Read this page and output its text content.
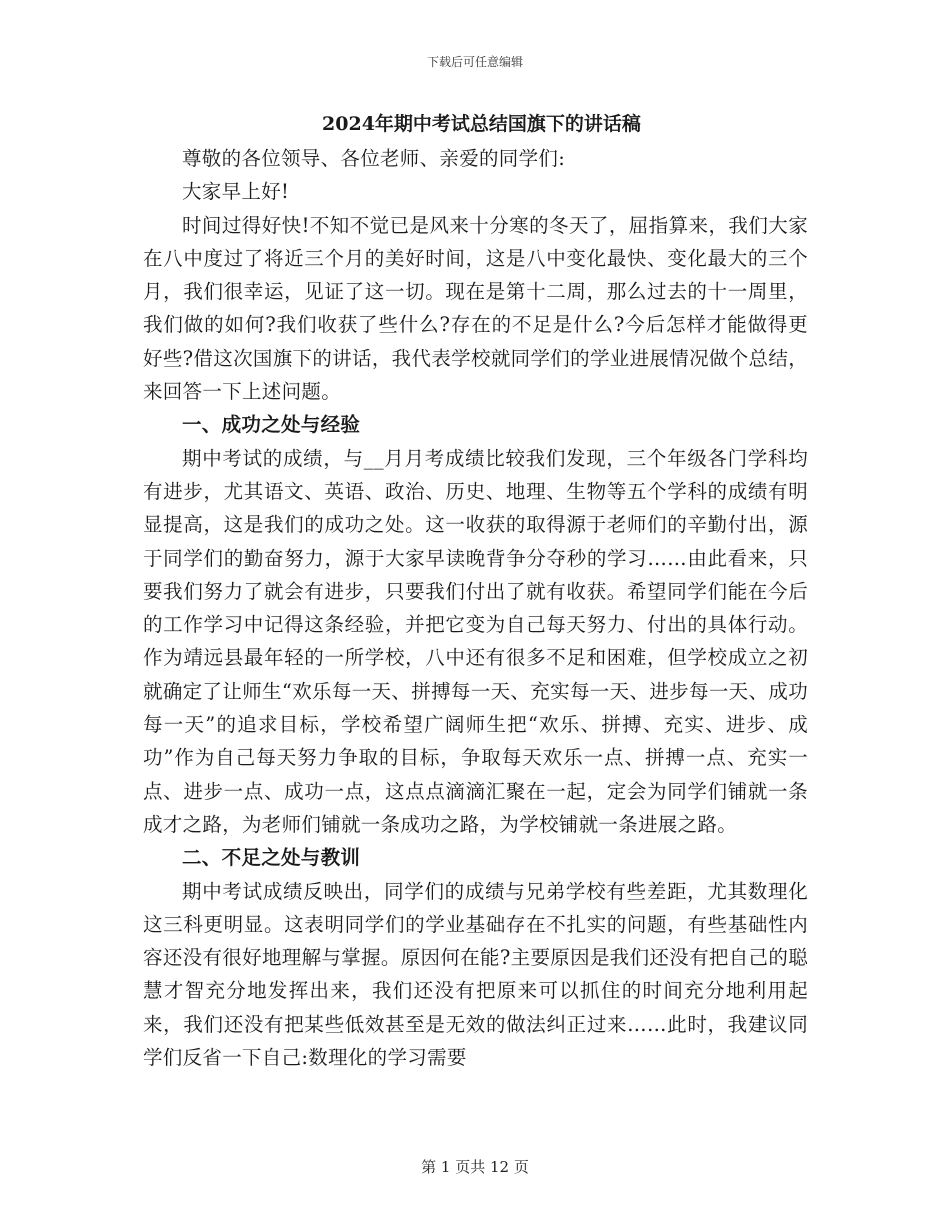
下载后可任意编辑
2024年期中考试总结国旗下的讲话稿

尊敬的各位领导、各位老师、亲爱的同学们:

大家早上好!

时间过得好快!不知不觉已是风来十分寒的冬天了，屈指算来，我们大家在八中度过了将近三个月的美好时间，这是八中变化最快、变化最大的三个月，我们很幸运，见证了这一切。现在是第十二周，那么过去的十一周里，我们做的如何?我们收获了些什么?存在的不足是什么?今后怎样才能做得更好些?借这次国旗下的讲话，我代表学校就同学们的学业进展情况做个总结，来回答一下上述问题。

一、成功之处与经验

期中考试的成绩，与__月月考成绩比较我们发现，三个年级各门学科均有进步，尤其语文、英语、政治、历史、地理、生物等五个学科的成绩有明显提高，这是我们的成功之处。这一收获的取得源于老师们的辛勤付出，源于同学们的勤奋努力，源于大家早读晚背争分夺秒的学习……由此看来，只要我们努力了就会有进步，只要我们付出了就有收获。希望同学们能在今后的工作学习中记得这条经验，并把它变为自己每天努力、付出的具体行动。作为靖远县最年轻的一所学校，八中还有很多不足和困难，但学校成立之初就确定了让师生“欢乐每一天、拼搏每一天、充实每一天、进步每一天、成功每一天”的追求目标，学校希望广阔师生把“欢乐、拼搏、充实、进步、成功”作为自己每天努力争取的目标，争取每天欢乐一点、拼搏一点、充实一点、进步一点、成功一点，这点点滴滴汇聚在一起，定会为同学们铺就一条成才之路，为老师们铺就一条成功之路，为学校铺就一条进展之路。

二、不足之处与教训

期中考试成绩反映出，同学们的成绩与兄弟学校有些差距，尤其数理化这三科更明显。这表明同学们的学业基础存在不扎实的问题，有些基础性内容还没有很好地理解与掌握。原因何在能?主要原因是我们还没有把自己的聪慧才智充分地发挥出来，我们还没有把原来可以抓住的时间充分地利用起来，我们还没有把某些低效甚至是无效的做法纠正过来……此时，我建议同学们反省一下自己:数理化的学习需要

第 1 页共 12 页
